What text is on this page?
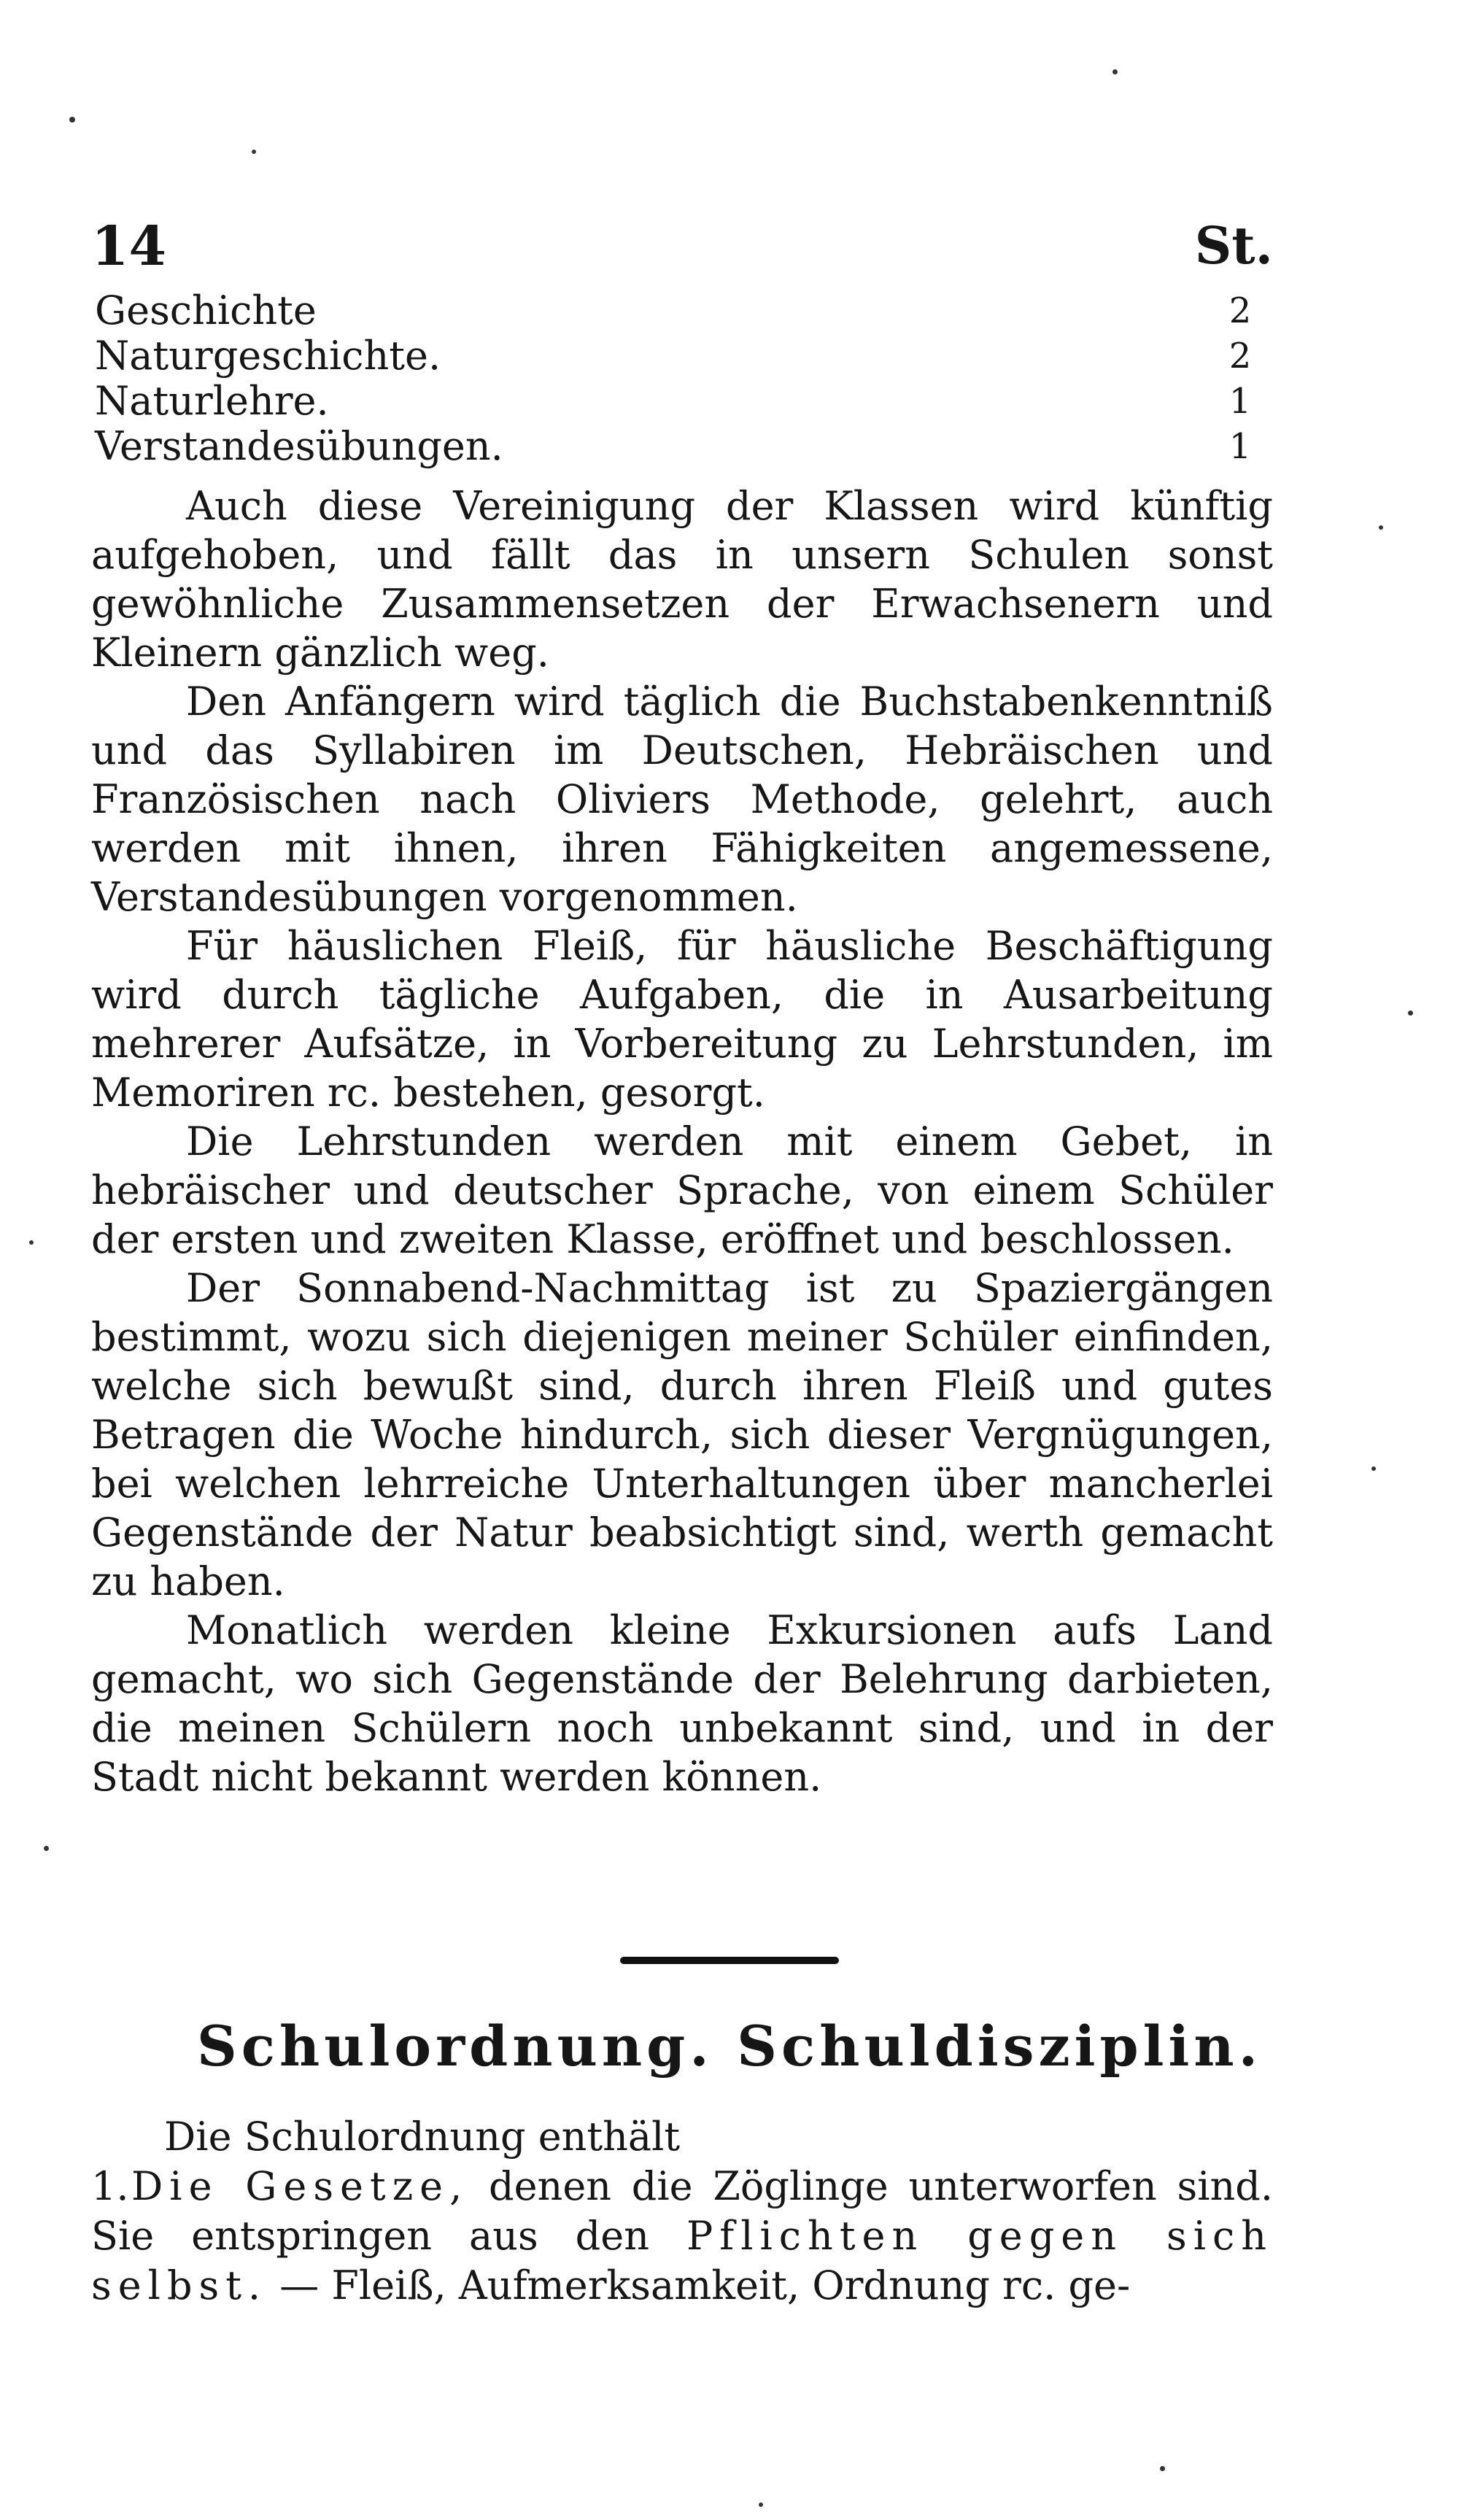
14	St.
Geschichte	2
Naturgeschichte.	2
Naturlehre.	1
Verstandesübungen.	1

Auch diese Vereinigung der Klassen wird künftig aufgehoben, und fällt das in unsern Schulen sonst gewöhnliche Zusammensetzen der Erwachsenern und Kleinern gänzlich weg.

Den Anfängern wird täglich die Buchstabenkenntniß und das Syllabiren im Deutschen, Hebräischen und Französischen nach Oliviers Methode, gelehrt, auch werden mit ihnen, ihren Fähigkeiten angemessene, Verstandesübungen vorgenommen.

Für häuslichen Fleiß, für häusliche Beschäftigung wird durch tägliche Aufgaben, die in Ausarbeitung mehrerer Aufsätze, in Vorbereitung zu Lehrstunden, im Memoriren rc. bestehen, gesorgt.

Die Lehrstunden werden mit einem Gebet, in hebräischer und deutscher Sprache, von einem Schüler der ersten und zweiten Klasse, eröffnet und beschlossen.

Der Sonnabend-Nachmittag ist zu Spaziergängen bestimmt, wozu sich diejenigen meiner Schüler einfinden, welche sich bewußt sind, durch ihren Fleiß und gutes Betragen die Woche hindurch, sich dieser Vergnügungen, bei welchen lehrreiche Unterhaltungen über mancherlei Gegenstände der Natur beabsichtigt sind, werth gemacht zu haben.

Monatlich werden kleine Exkursionen aufs Land gemacht, wo sich Gegenstände der Belehrung darbieten, die meinen Schülern noch unbekannt sind, und in der Stadt nicht bekannt werden können.

Schulordnung. Schuldisziplin.

Die Schulordnung enthält

1.Die Gesetze, denen die Zöglinge unterworfen sind. Sie entspringen aus den Pflichten gegen sich selbst. — Fleiß, Aufmerksamkeit, Ordnung rc. ge-
